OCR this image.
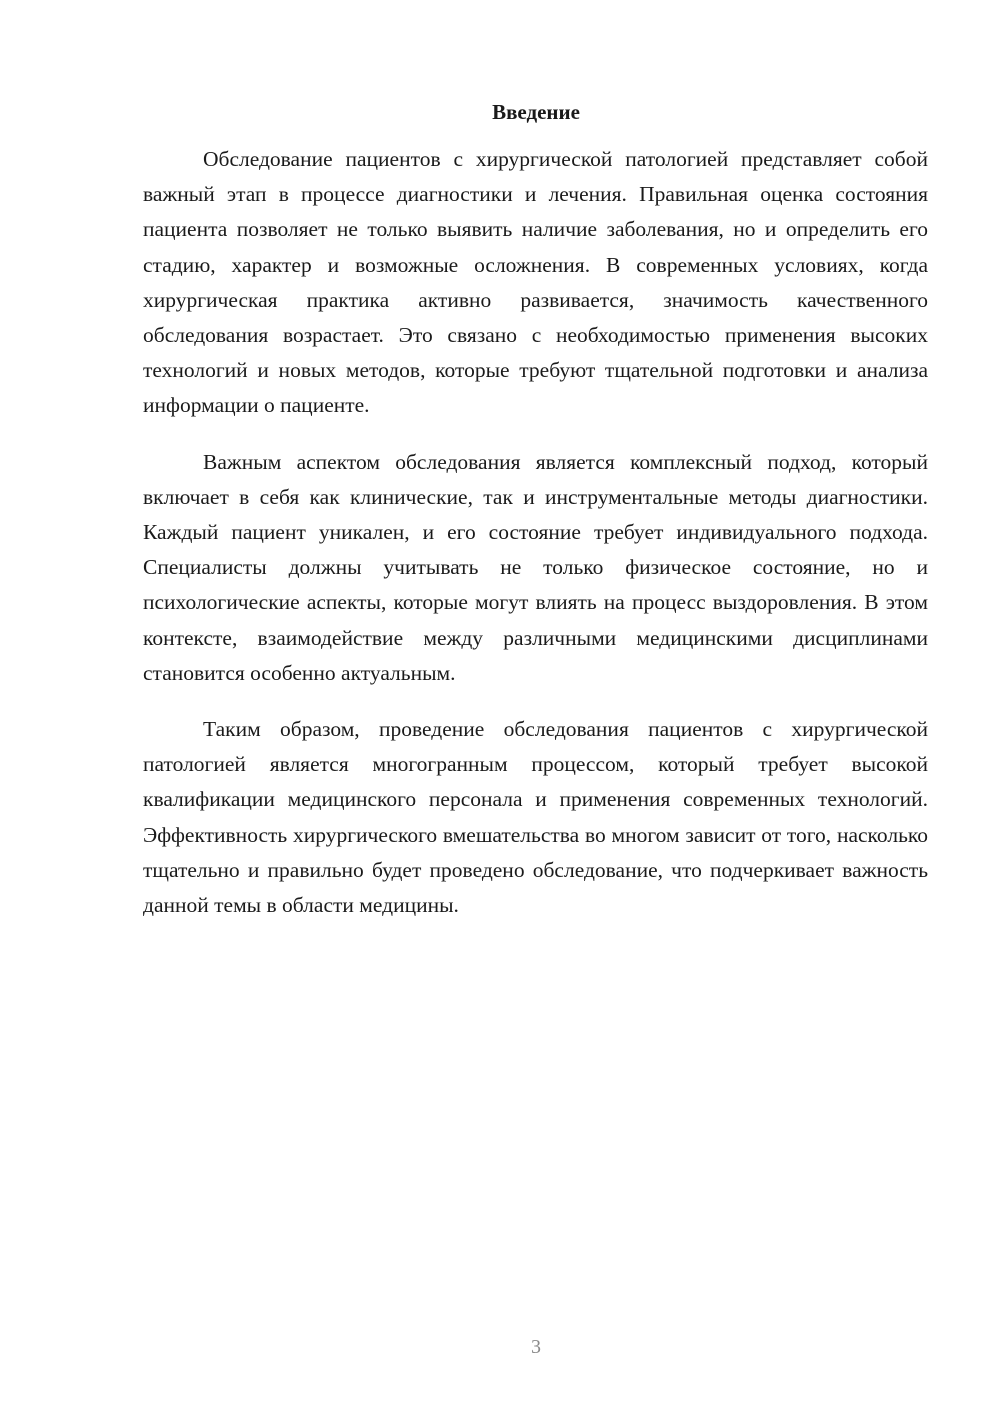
Введение

Обследование пациентов с хирургической патологией представляет собой важный этап в процессе диагностики и лечения. Правильная оценка состояния пациента позволяет не только выявить наличие заболевания, но и определить его стадию, характер и возможные осложнения. В современных условиях, когда хирургическая практика активно развивается, значимость качественного обследования возрастает. Это связано с необходимостью применения высоких технологий и новых методов, которые требуют тщательной подготовки и анализа информации о пациенте.

Важным аспектом обследования является комплексный подход, который включает в себя как клинические, так и инструментальные методы диагностики. Каждый пациент уникален, и его состояние требует индивидуального подхода. Специалисты должны учитывать не только физическое состояние, но и психологические аспекты, которые могут влиять на процесс выздоровления. В этом контексте, взаимодействие между различными медицинскими дисциплинами становится особенно актуальным.

Таким образом, проведение обследования пациентов с хирургической патологией является многогранным процессом, который требует высокой квалификации медицинского персонала и применения современных технологий. Эффективность хирургического вмешательства во многом зависит от того, насколько тщательно и правильно будет проведено обследование, что подчеркивает важность данной темы в области медицины.

3
